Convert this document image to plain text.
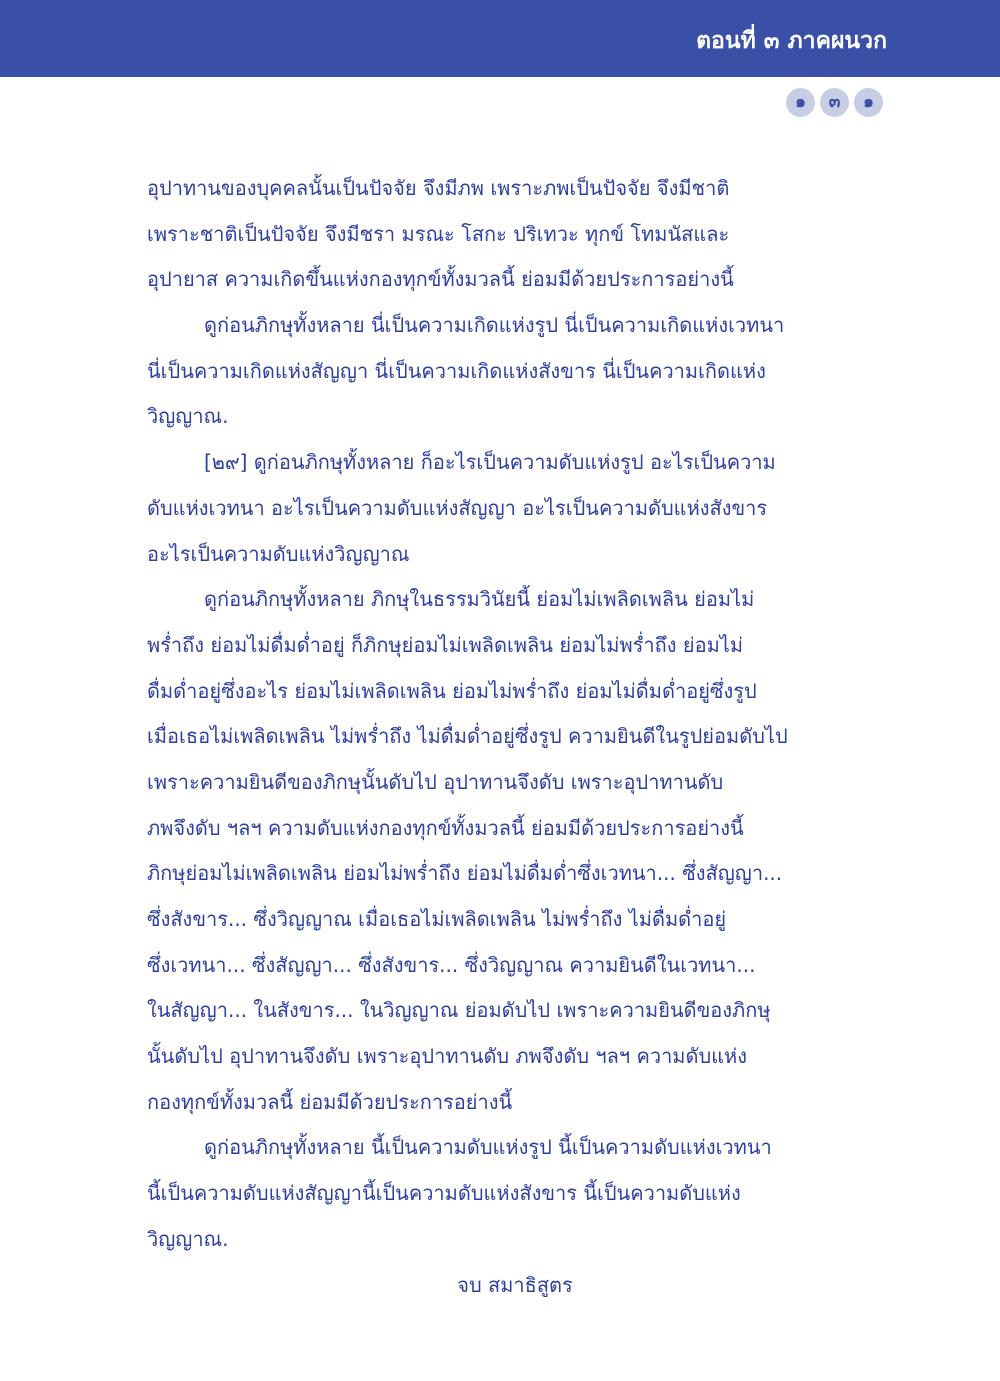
ตอนที่ ๓ ภาคผนวก
๑	๓	๑
อุปาทานของบุคคลนั้นเป็นปัจจัย จึงมีภพ เพราะภพเป็นปัจจัย จึงมีชาติ
เพราะชาติเป็นปัจจัย จึงมีชรา มรณะ โสกะ ปริเทวะ ทุกข์ โทมนัสและ
อุปายาส ความเกิดขึ้นแห่งกองทุกข์ทั้งมวลนี้ ย่อมมีด้วยประการอย่างนี้
ดูก่อนภิกษุทั้งหลาย นี่เป็นความเกิดแห่งรูป นี่เป็นความเกิดแห่งเวทนา
นี่เป็นความเกิดแห่งสัญญา นี่เป็นความเกิดแห่งสังขาร นี่เป็นความเกิดแห่ง
วิญญาณ.
[๒๙] ดูก่อนภิกษุทั้งหลาย ก็อะไรเป็นความดับแห่งรูป อะไรเป็นความ
ดับแห่งเวทนา อะไรเป็นความดับแห่งสัญญา อะไรเป็นความดับแห่งสังขาร
อะไรเป็นความดับแห่งวิญญาณ
ดูก่อนภิกษุทั้งหลาย ภิกษุในธรรมวินัยนี้ ย่อมไม่เพลิดเพลิน ย่อมไม่
พร่ำถึง ย่อมไม่ดื่มด่ำอยู่ ก็ภิกษุย่อมไม่เพลิดเพลิน ย่อมไม่พร่ำถึง ย่อมไม่
ดื่มด่ำอยู่ซึ่งอะไร ย่อมไม่เพลิดเพลิน ย่อมไม่พร่ำถึง ย่อมไม่ดื่มด่ำอยู่ซึ่งรูป
เมื่อเธอไม่เพลิดเพลิน ไม่พร่ำถึง ไม่ดื่มด่ำอยู่ซึ่งรูป ความยินดีในรูปย่อมดับไป
เพราะความยินดีของภิกษุนั้นดับไป อุปาทานจึงดับ เพราะอุปาทานดับ
ภพจึงดับ ฯลฯ ความดับแห่งกองทุกข์ทั้งมวลนี้ ย่อมมีด้วยประการอย่างนี้
ภิกษุย่อมไม่เพลิดเพลิน ย่อมไม่พร่ำถึง ย่อมไม่ดื่มด่ำซึ่งเวทนา... ซึ่งสัญญา...
ซึ่งสังขาร... ซึ่งวิญญาณ เมื่อเธอไม่เพลิดเพลิน ไม่พร่ำถึง ไม่ดื่มด่ำอยู่
ซึ่งเวทนา... ซึ่งสัญญา... ซึ่งสังขาร... ซึ่งวิญญาณ ความยินดีในเวทนา...
ในสัญญา... ในสังขาร... ในวิญญาณ ย่อมดับไป เพราะความยินดีของภิกษุ
นั้นดับไป อุปาทานจึงดับ เพราะอุปาทานดับ ภพจึงดับ ฯลฯ ความดับแห่ง
กองทุกข์ทั้งมวลนี้ ย่อมมีด้วยประการอย่างนี้
ดูก่อนภิกษุทั้งหลาย นี้เป็นความดับแห่งรูป นี้เป็นความดับแห่งเวทนา
นี้เป็นความดับแห่งสัญญานี้เป็นความดับแห่งสังขาร นี้เป็นความดับแห่ง
วิญญาณ.
จบ สมาธิสูตร
